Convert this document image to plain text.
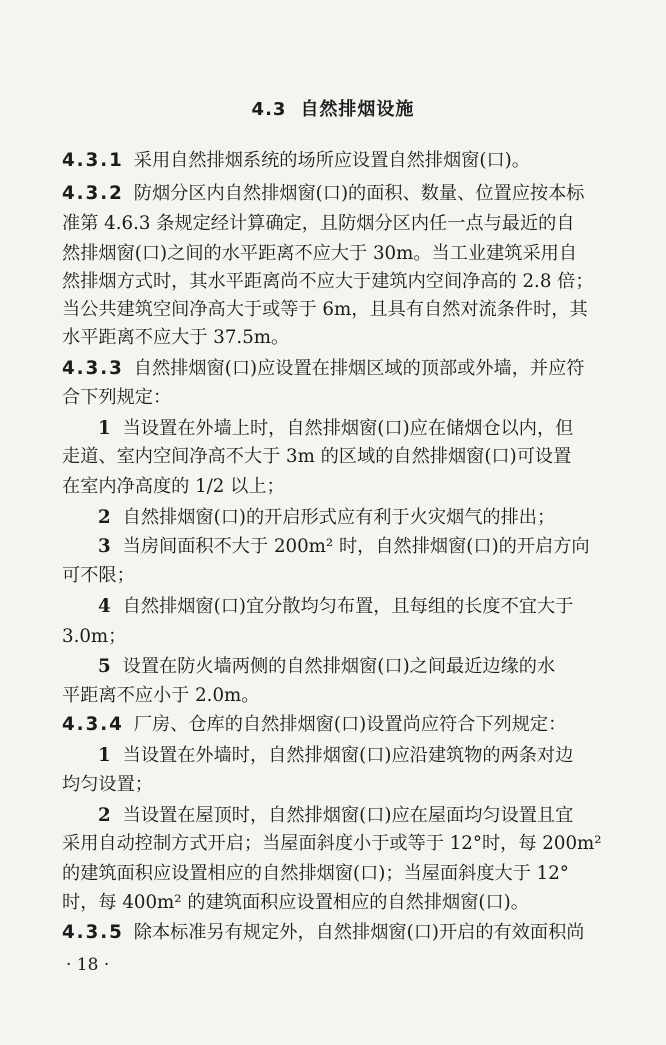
4.3 自然排烟设施
4.3.1 采用自然排烟系统的场所应设置自然排烟窗(口)。
4.3.2 防烟分区内自然排烟窗(口)的面积、数量、位置应按本标
准第 4.6.3 条规定经计算确定，且防烟分区内任一点与最近的自
然排烟窗(口)之间的水平距离不应大于 30m。当工业建筑采用自
然排烟方式时，其水平距离尚不应大于建筑内空间净高的 2.8 倍；
当公共建筑空间净高大于或等于 6m，且具有自然对流条件时，其
水平距离不应大于 37.5m。
4.3.3 自然排烟窗(口)应设置在排烟区域的顶部或外墙，并应符
合下列规定：
1 当设置在外墙上时，自然排烟窗(口)应在储烟仓以内，但
走道、室内空间净高不大于 3m 的区域的自然排烟窗(口)可设置
在室内净高度的 1/2 以上；
2 自然排烟窗(口)的开启形式应有利于火灾烟气的排出；
3 当房间面积不大于 200m² 时，自然排烟窗(口)的开启方向
可不限；
4 自然排烟窗(口)宜分散均匀布置，且每组的长度不宜大于
3.0m；
5 设置在防火墙两侧的自然排烟窗(口)之间最近边缘的水
平距离不应小于 2.0m。
4.3.4 厂房、仓库的自然排烟窗(口)设置尚应符合下列规定：
1 当设置在外墙时，自然排烟窗(口)应沿建筑物的两条对边
均匀设置；
2 当设置在屋顶时，自然排烟窗(口)应在屋面均匀设置且宜
采用自动控制方式开启；当屋面斜度小于或等于 12°时，每 200m²
的建筑面积应设置相应的自然排烟窗(口)；当屋面斜度大于 12°
时，每 400m² 的建筑面积应设置相应的自然排烟窗(口)。
4.3.5 除本标准另有规定外，自然排烟窗(口)开启的有效面积尚
· 18 ·
